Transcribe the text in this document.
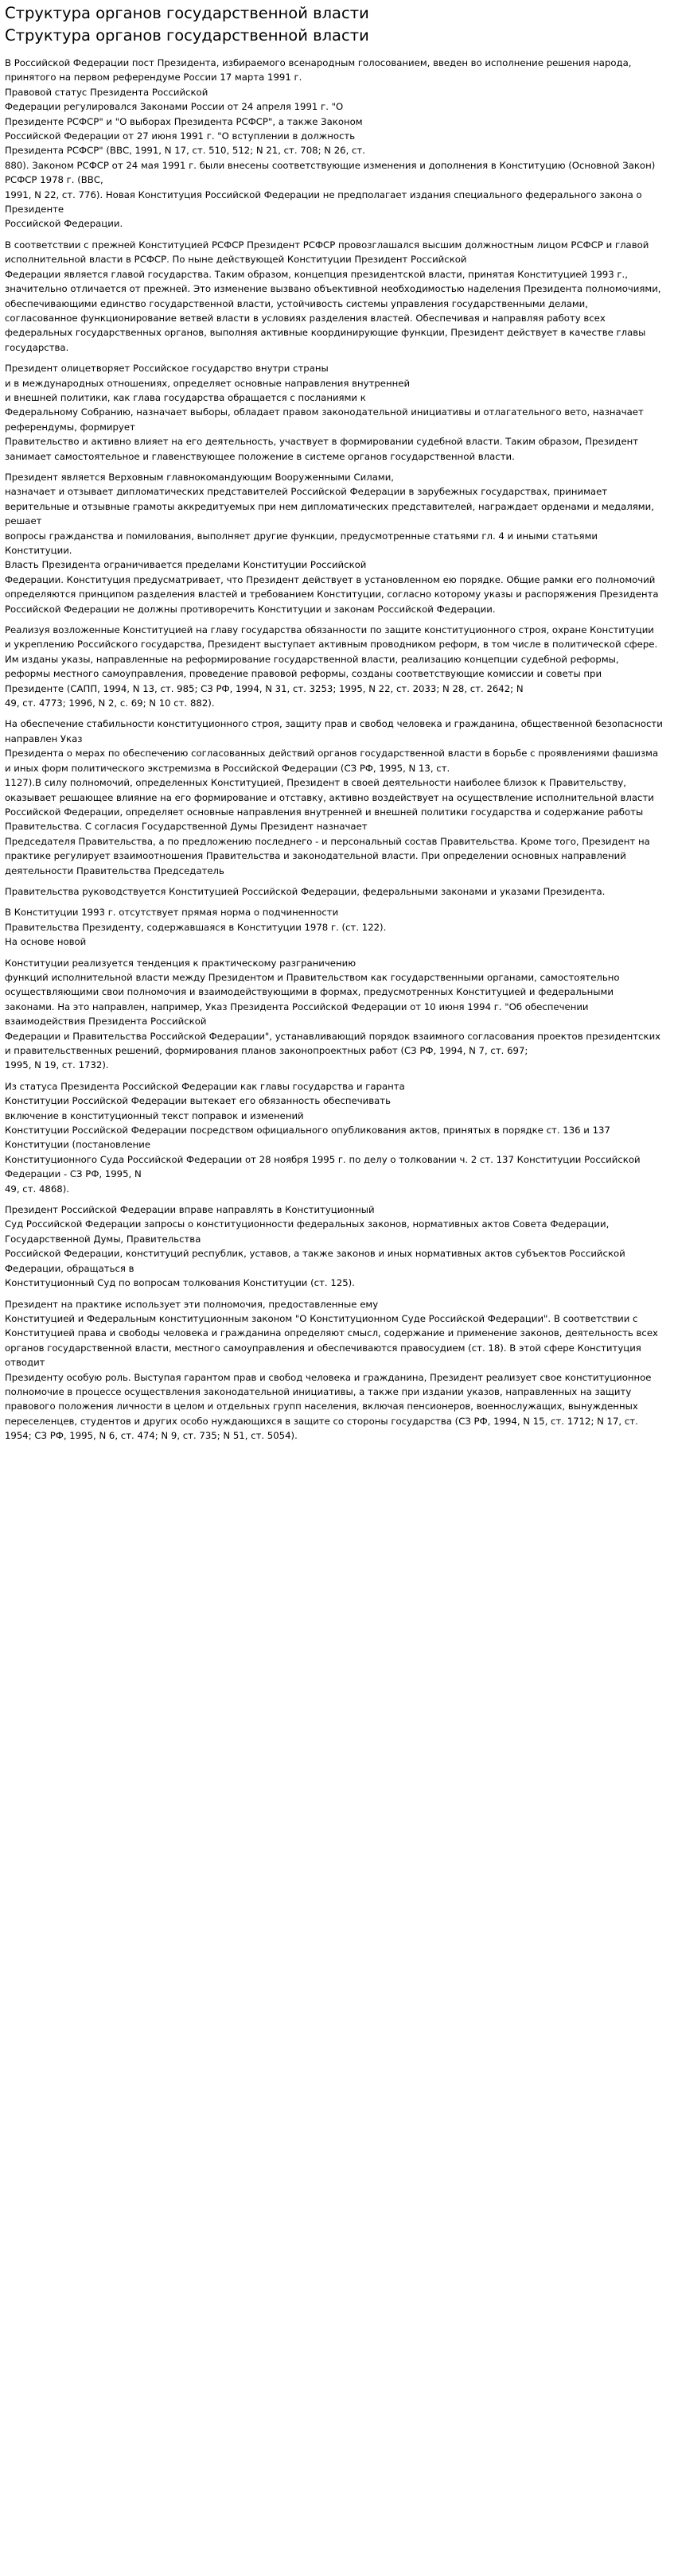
Структура органов государственной власти
Структура органов государственной власти

В Российской Федерации пост Президента, избираемого всенародным голосованием, введен во исполнение решения народа, принятого на первом референдуме России 17 марта 1991 г.
Правовой статус Президента Российской
Федерации регулировался Законами России от 24 апреля 1991 г. "О
Президенте РСФСР" и "О выборах Президента РСФСР", а также Законом
Российской Федерации от 27 июня 1991 г. "О вступлении в должность
Президента РСФСР" (ВВС, 1991, N 17, ст. 510, 512; N 21, ст. 708; N 26, ст.
880). Законом РСФСР от 24 мая 1991 г. были внесены соответствующие изменения и дополнения в Конституцию (Основной Закон) РСФСР 1978 г. (ВВС,
1991, N 22, ст. 776). Новая Конституция Российской Федерации не предполагает издания специального федерального закона о Президенте
Российской Федерации.

В соответствии с прежней Конституцией РСФСР Президент РСФСР провозглашался высшим должностным лицом РСФСР и главой исполнительной власти в РСФСР. По ныне действующей Конституции Президент Российской
Федерации является главой государства. Таким образом, концепция президентской власти, принятая Конституцией 1993 г., значительно отличается от прежней. Это изменение вызвано объективной необходимостью наделения Президента полномочиями, обеспечивающими единство государственной власти, устойчивость системы управления государственными делами, согласованное функционирование ветвей власти в условиях разделения властей. Обеспечивая и направляя работу всех федеральных государственных органов, выполняя активные координирующие функции, Президент действует в качестве главы государства.

Президент олицетворяет Российское государство внутри страны
и в международных отношениях, определяет основные направления внутренней
и внешней политики, как глава государства обращается с посланиями к
Федеральному Собранию, назначает выборы, обладает правом законодательной инициативы и отлагательного вето, назначает референдумы, формирует
Правительство и активно влияет на его деятельность, участвует в формировании судебной власти. Таким образом, Президент занимает самостоятельное и главенствующее положение в системе органов государственной власти.

Президент является Верховным главнокомандующим Вооруженными Силами,
назначает и отзывает дипломатических представителей Российской Федерации в зарубежных государствах, принимает верительные и отзывные грамоты аккредитуемых при нем дипломатических представителей, награждает орденами и медалями, решает
вопросы гражданства и помилования, выполняет другие функции, предусмотренные статьями гл. 4 и иными статьями Конституции.
Власть Президента ограничивается пределами Конституции Российской
Федерации. Конституция предусматривает, что Президент действует в установленном ею порядке. Общие рамки его полномочий определяются принципом разделения властей и требованием Конституции, согласно которому указы и распоряжения Президента Российской Федерации не должны противоречить Конституции и законам Российской Федерации.

Реализуя возложенные Конституцией на главу государства обязанности по защите конституционного строя, охране Конституции и укреплению Российского государства, Президент выступает активным проводником реформ, в том числе в политической сфере. Им изданы указы, направленные на реформирование государственной власти, реализацию концепции судебной реформы, реформы местного самоуправления, проведение правовой реформы, созданы соответствующие комиссии и советы при Президенте (САПП, 1994, N 13, ст. 985; СЗ РФ, 1994, N 31, ст. 3253; 1995, N 22, ст. 2033; N 28, ст. 2642; N
49, ст. 4773; 1996, N 2, с. 69; N 10 ст. 882).

На обеспечение стабильности конституционного строя, защиту прав и свобод человека и гражданина, общественной безопасности направлен Указ
Президента о мерах по обеспечению согласованных действий органов государственной власти в борьбе с проявлениями фашизма и иных форм политического экстремизма в Российской Федерации (СЗ РФ, 1995, N 13, ст.
1127).В силу полномочий, определенных Конституцией, Президент в своей деятельности наиболее близок к Правительству, оказывает решающее влияние на его формирование и отставку, активно воздействует на осуществление исполнительной власти Российской Федерации, определяет основные направления внутренней и внешней политики государства и содержание работы
Правительства. С согласия Государственной Думы Президент назначает
Председателя Правительства, а по предложению последнего - и персональный состав Правительства. Кроме того, Президент на практике регулирует взаимоотношения Правительства и законодательной власти. При определении основных направлений деятельности Правительства Председатель

Правительства руководствуется Конституцией Российской Федерации, федеральными законами и указами Президента.

В Конституции 1993 г. отсутствует прямая норма о подчиненности
Правительства Президенту, содержавшаяся в Конституции 1978 г. (ст. 122).
На основе новой

Конституции реализуется тенденция к практическому разграничению
функций исполнительной власти между Президентом и Правительством как государственными органами, самостоятельно осуществляющими свои полномочия и взаимодействующими в формах, предусмотренных Конституцией и федеральными законами. На это направлен, например, Указ Президента Российской Федерации от 10 июня 1994 г. "Об обеспечении взаимодействия Президента Российской
Федерации и Правительства Российской Федерации", устанавливающий порядок взаимного согласования проектов президентских и правительственных решений, формирования планов законопроектных работ (СЗ РФ, 1994, N 7, ст. 697;
1995, N 19, ст. 1732).

Из статуса Президента Российской Федерации как главы государства и гаранта
Конституции Российской Федерации вытекает его обязанность обеспечивать
включение в конституционный текст поправок и изменений
Конституции Российской Федерации посредством официального опубликования актов, принятых в порядке ст. 136 и 137 Конституции (постановление
Конституционного Суда Российской Федерации от 28 ноября 1995 г. по делу о толковании ч. 2 ст. 137 Конституции Российской Федерации - СЗ РФ, 1995, N
49, ст. 4868).

Президент Российской Федерации вправе направлять в Конституционный
Суд Российской Федерации запросы о конституционности федеральных законов, нормативных актов Совета Федерации, Государственной Думы, Правительства
Российской Федерации, конституций республик, уставов, а также законов и иных нормативных актов субъектов Российской Федерации, обращаться в
Конституционный Суд по вопросам толкования Конституции (ст. 125).

Президент на практике использует эти полномочия, предоставленные ему
Конституцией и Федеральным конституционным законом "О Конституционном Суде Российской Федерации". В соответствии с Конституцией права и свободы человека и гражданина определяют смысл, содержание и применение законов, деятельность всех органов государственной власти, местного самоуправления и обеспечиваются правосудием (ст. 18). В этой сфере Конституция отводит
Президенту особую роль. Выступая гарантом прав и свобод человека и гражданина, Президент реализует свое конституционное полномочие в процессе осуществления законодательной инициативы, а также при издании указов, направленных на защиту правового положения личности в целом и отдельных групп населения, включая пенсионеров, военнослужащих, вынужденных переселенцев, студентов и других особо нуждающихся в защите со стороны государства (СЗ РФ, 1994, N 15, ст. 1712; N 17, ст. 1954; СЗ РФ, 1995, N 6, ст. 474; N 9, ст. 735; N 51, ст. 5054).
